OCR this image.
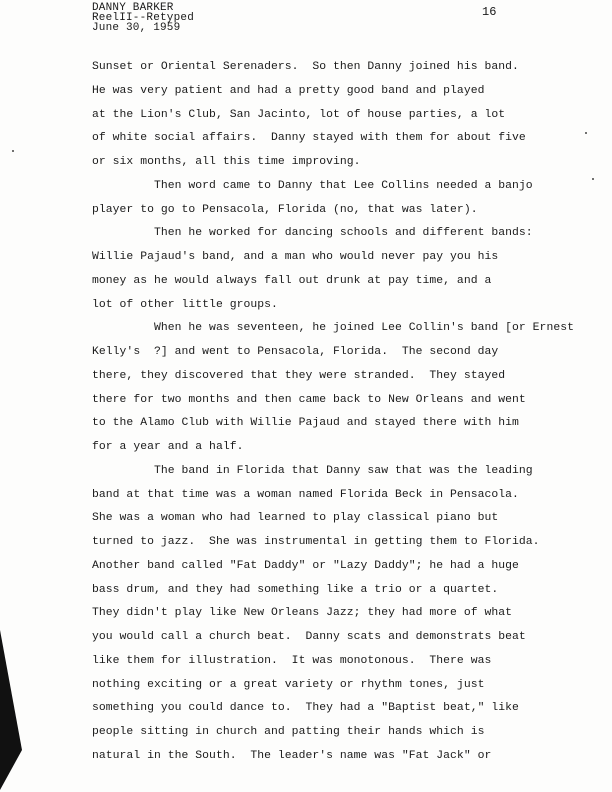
DANNY BARKER
ReelII--Retyped
June 30, 1959
16
Sunset or Oriental Serenaders.  So then Danny joined his band.
He was very patient and had a pretty good band and played
at the Lion's Club, San Jacinto, lot of house parties, a lot
of white social affairs.  Danny stayed with them for about five
or six months, all this time improving.
Then word came to Danny that Lee Collins needed a banjo
player to go to Pensacola, Florida (no, that was later).
Then he worked for dancing schools and different bands:
Willie Pajaud's band, and a man who would never pay you his
money as he would always fall out drunk at pay time, and a
lot of other little groups.
When he was seventeen, he joined Lee Collin's band [or Ernest
Kelly's  ?] and went to Pensacola, Florida.  The second day
there, they discovered that they were stranded.  They stayed
there for two months and then came back to New Orleans and went
to the Alamo Club with Willie Pajaud and stayed there with him
for a year and a half.
The band in Florida that Danny saw that was the leading
band at that time was a woman named Florida Beck in Pensacola.
She was a woman who had learned to play classical piano but
turned to jazz.  She was instrumental in getting them to Florida.
Another band called "Fat Daddy" or "Lazy Daddy"; he had a huge
bass drum, and they had something like a trio or a quartet.
They didn't play like New Orleans Jazz; they had more of what
you would call a church beat.  Danny scats and demonstrats beat
like them for illustration.  It was monotonous.  There was
nothing exciting or a great variety or rhythm tones, just
something you could dance to.  They had a "Baptist beat," like
people sitting in church and patting their hands which is
natural in the South.  The leader's name was "Fat Jack" or
